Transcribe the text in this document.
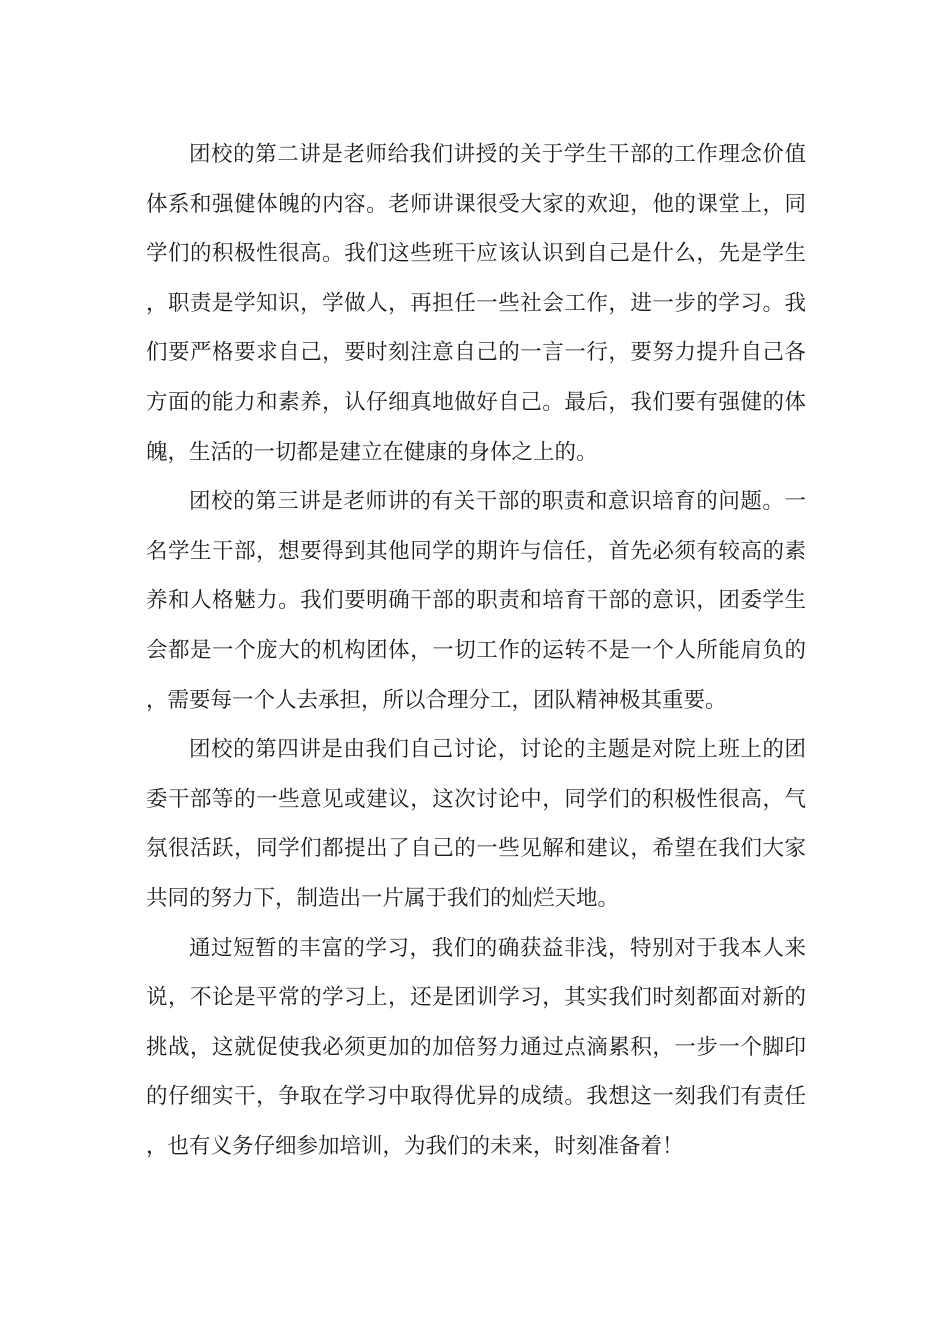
团校的第二讲是老师给我们讲授的关于学生干部的工作理念价值体系和强健体魄的内容。老师讲课很受大家的欢迎，他的课堂上，同学们的积极性很高。我们这些班干应该认识到自己是什么，先是学生，职责是学知识，学做人，再担任一些社会工作，进一步的学习。我们要严格要求自己，要时刻注意自己的一言一行，要努力提升自己各方面的能力和素养，认仔细真地做好自己。最后，我们要有强健的体魄，生活的一切都是建立在健康的身体之上的。

团校的第三讲是老师讲的有关干部的职责和意识培育的问题。一名学生干部，想要得到其他同学的期许与信任，首先必须有较高的素养和人格魅力。我们要明确干部的职责和培育干部的意识，团委学生会都是一个庞大的机构团体，一切工作的运转不是一个人所能肩负的，需要每一个人去承担，所以合理分工，团队精神极其重要。

团校的第四讲是由我们自己讨论，讨论的主题是对院上班上的团委干部等的一些意见或建议，这次讨论中，同学们的积极性很高，气氛很活跃，同学们都提出了自己的一些见解和建议，希望在我们大家共同的努力下，制造出一片属于我们的灿烂天地。

通过短暂的丰富的学习，我们的确获益非浅，特别对于我本人来说，不论是平常的学习上，还是团训学习，其实我们时刻都面对新的挑战，这就促使我必须更加的加倍努力通过点滴累积，一步一个脚印的仔细实干，争取在学习中取得优异的成绩。我想这一刻我们有责任，也有义务仔细参加培训，为我们的未来，时刻准备着！
